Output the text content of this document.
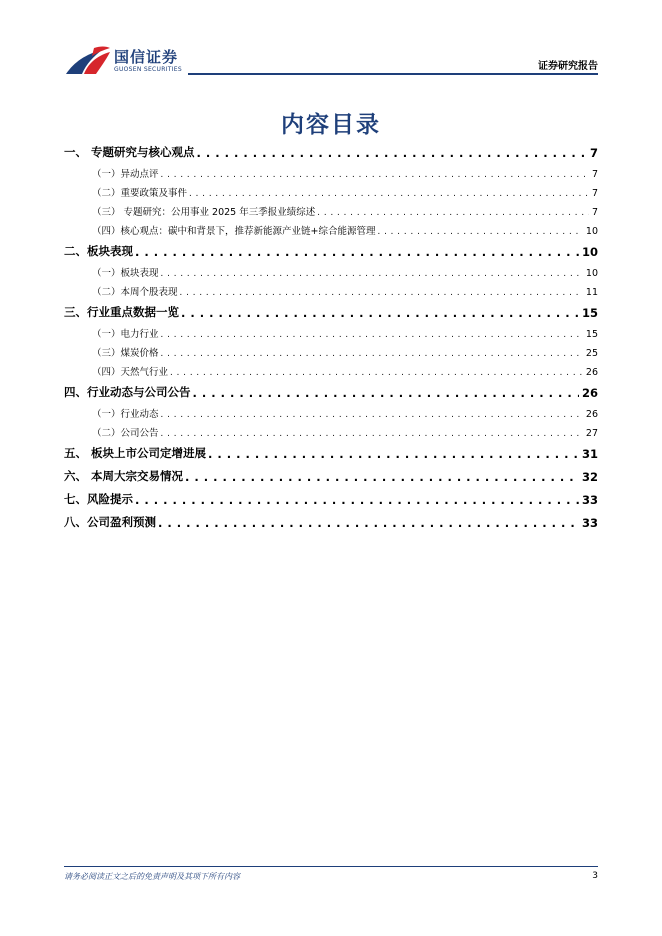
国信证券
GUOSEN SECURITIES	证券研究报告
内容目录
一、 专题研究与核心观点 . . .	7
（一）异动点评 . . .	7
（二）重要政策及事件 . . .	7
（三） 专题研究：公用事业 2025 年三季报业绩综述 . . .	7
（四）核心观点：碳中和背景下，推荐新能源产业链+综合能源管理 . . .	10
二、板块表现 . . .	10
（一）板块表现 . . .	10
（二）本周个股表现 . . .	11
三、行业重点数据一览 . . .	15
（一）电力行业 . . .	15
（三）煤炭价格 . . .	25
（四）天然气行业 . . .	26
四、行业动态与公司公告 . . .	26
（一）行业动态 . . .	26
（二）公司公告 . . .	27
五、 板块上市公司定增进展 . . .	31
六、 本周大宗交易情况 . . .	32
七、风险提示 . . .	33
八、公司盈利预测 . . .	33
请务必阅读正文之后的免责声明及其项下所有内容	3
